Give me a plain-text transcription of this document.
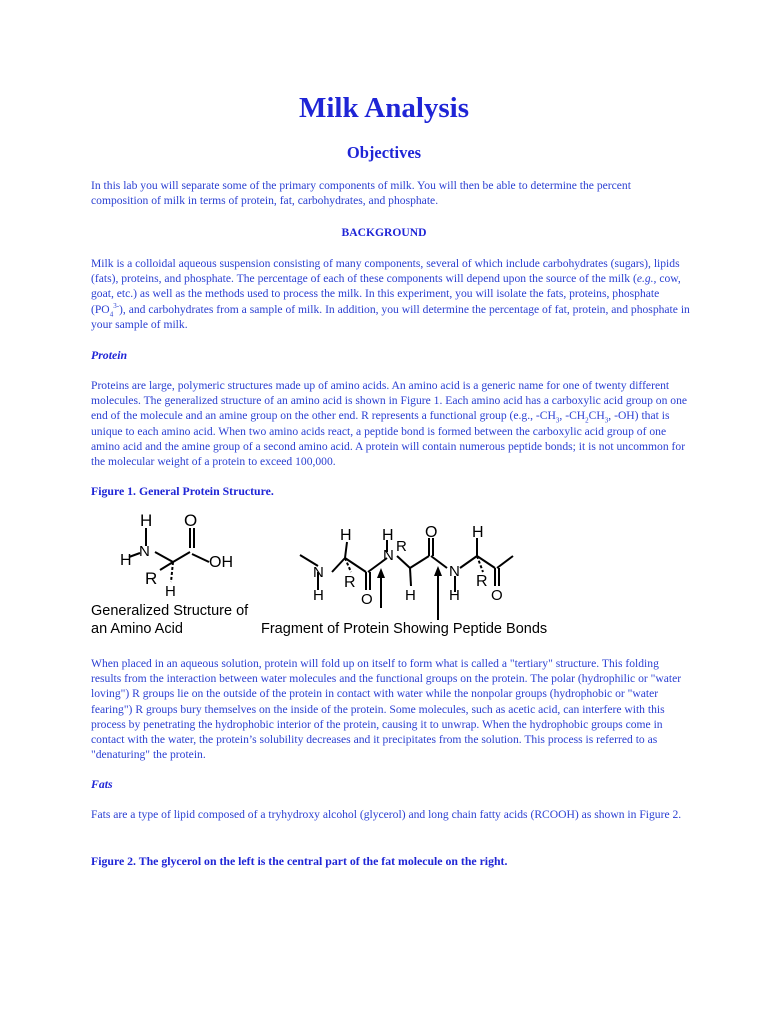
Milk Analysis
Objectives

In this lab you will separate some of the primary components of milk. You will then be able to determine the percent composition of milk in terms of protein, fat, carbohydrates, and phosphate.

BACKGROUND

Milk is a colloidal aqueous suspension consisting of many components, several of which include carbohydrates (sugars), lipids (fats), proteins, and phosphate. The percentage of each of these components will depend upon the source of the milk (e.g., cow, goat, etc.) as well as the methods used to process the milk. In this experiment, you will isolate the fats, proteins, phosphate $(PO_4^{3-})$, and carbohydrates from a sample of milk. In addition, you will determine the percentage of fat, protein, and phosphate in your sample of milk.

Protein

Proteins are large, polymeric structures made up of amino acids. An amino acid is a generic name for one of twenty different molecules. The generalized structure of an amino acid is shown in Figure 1. Each amino acid has a carboxylic acid group on one end of the molecule and an amine group on the other end. R represents a functional group (e.g., $-CH_3$, $-CH_2CH_3$, -OH) that is unique to each amino acid. When two amino acids react, a peptide bond is formed between the carboxylic acid group of one amino acid and the amine group of a second amino acid. A protein will contain numerous peptide bonds; it is not uncommon for the molecular weight of a protein to exceed 100,000.

Figure 1. General Protein Structure.

H
H
N
O
OH
R
H
H
N
H
R
O
H
N
R
H
O
N
H
H
R
O
Generalized Structure of
an Amino Acid	Fragment of Protein Showing Peptide Bonds

When placed in an aqueous solution, protein will fold up on itself to form what is called a "tertiary" structure. This folding results from the interaction between water molecules and the functional groups on the protein. The polar (hydrophilic or "water loving") R groups lie on the outside of the protein in contact with water while the nonpolar groups (hydrophobic or "water fearing") R groups bury themselves on the inside of the protein. Some molecules, such as acetic acid, can interfere with this process by penetrating the hydrophobic interior of the protein, causing it to unwrap. When the hydrophobic groups come in contact with the water, the protein’s solubility decreases and it precipitates from the solution. This process is referred to as "denaturing" the protein.

Fats

Fats are a type of lipid composed of a tryhydroxy alcohol (glycerol) and long chain fatty acids (RCOOH) as shown in Figure 2.

Figure 2. The glycerol on the left is the central part of the fat molecule on the right.
